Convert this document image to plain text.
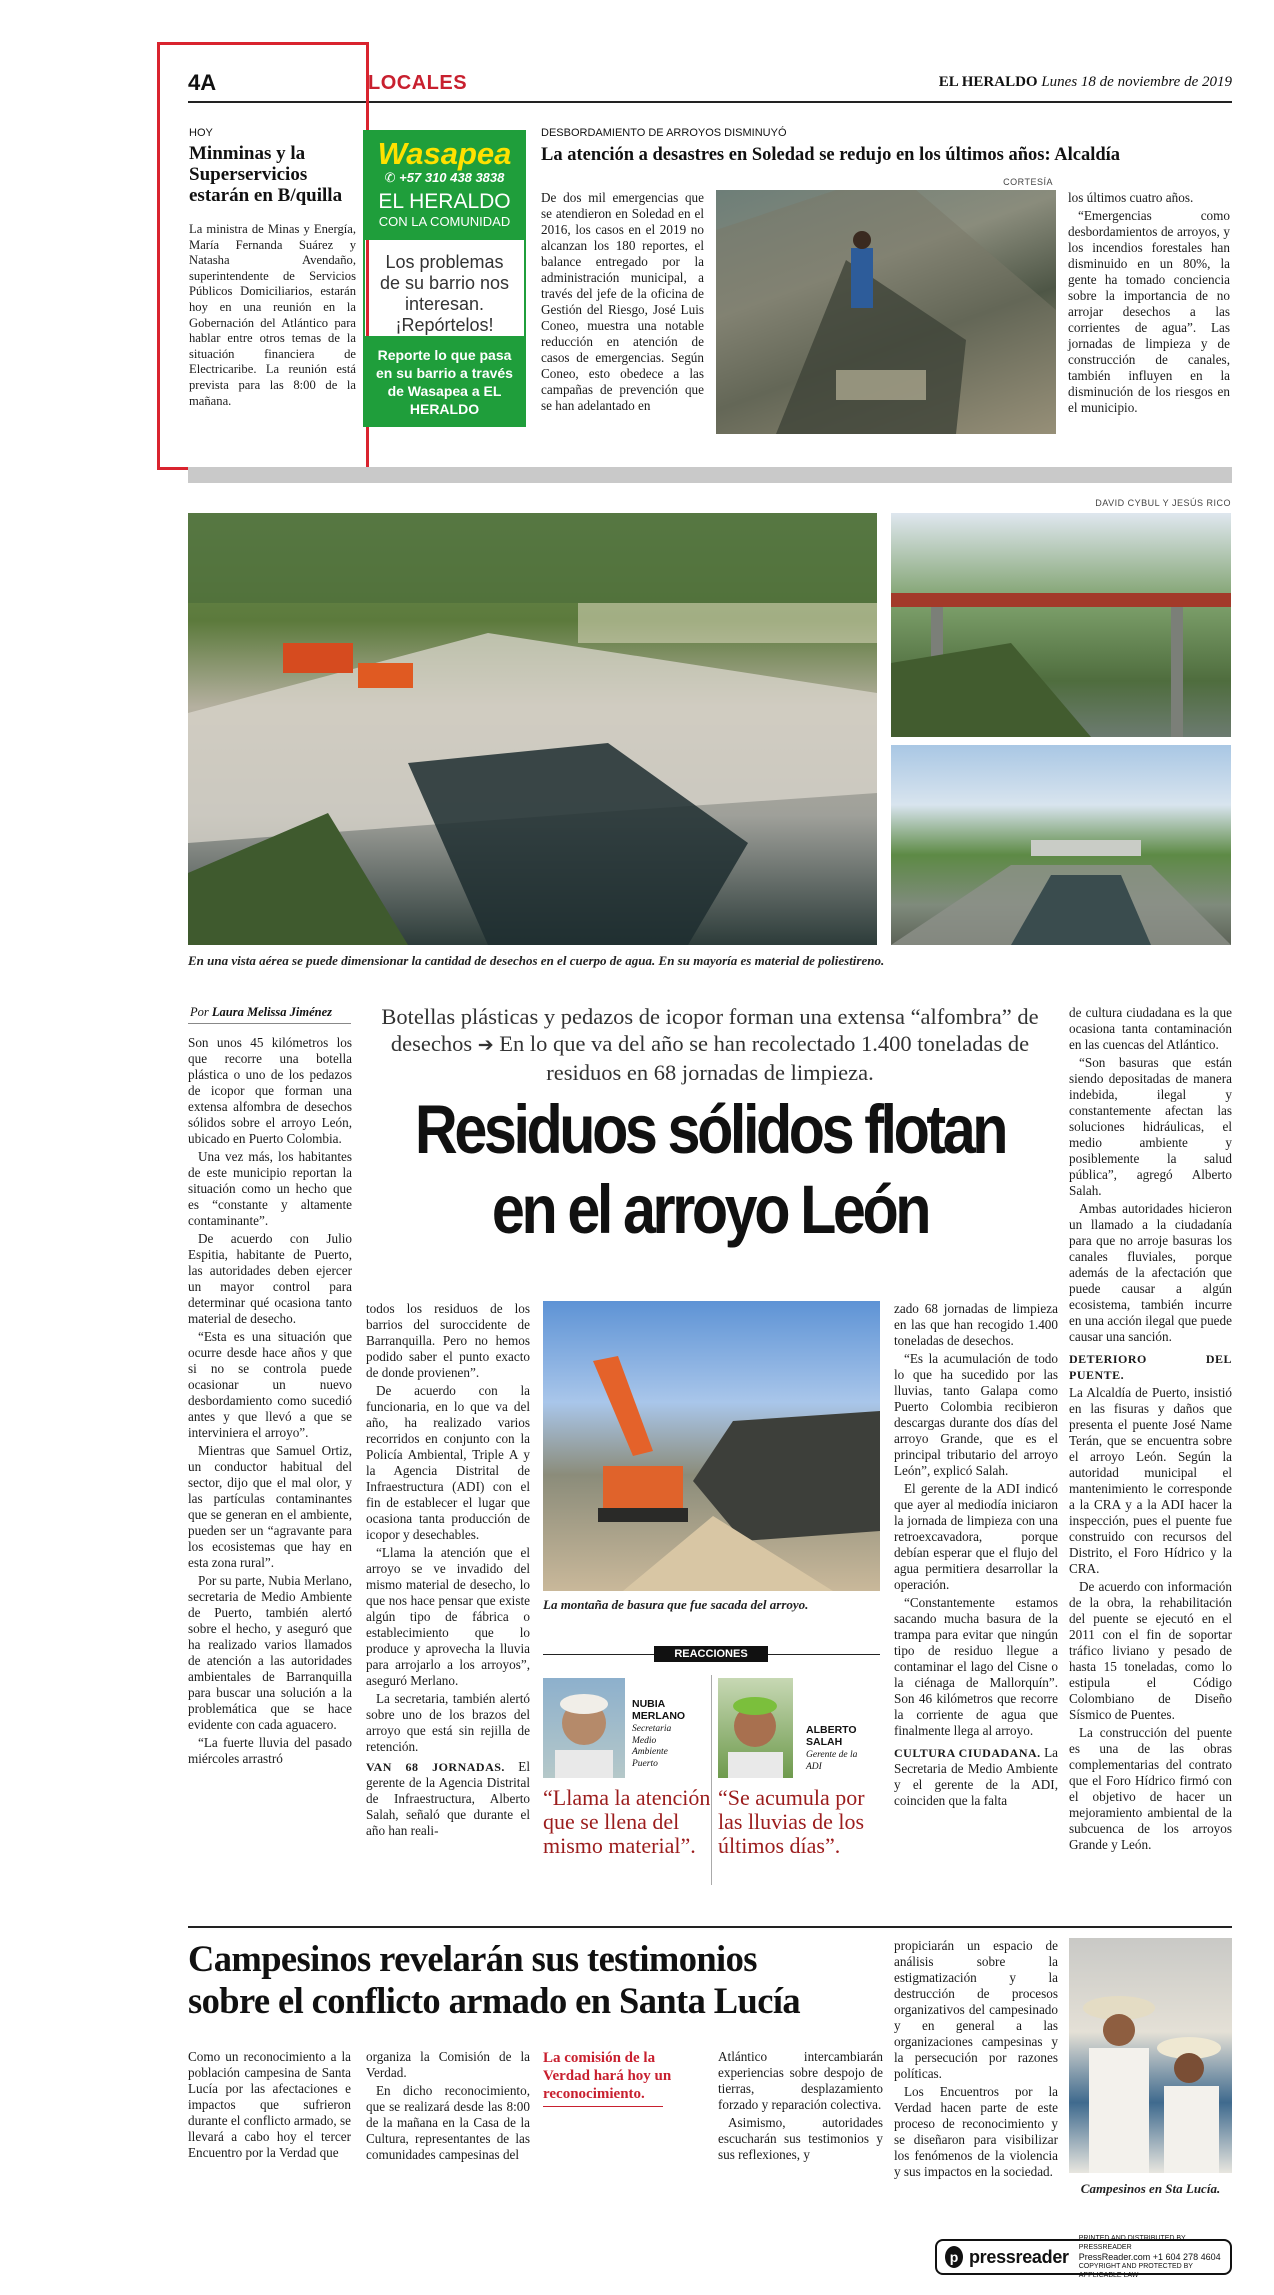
4A	LOCALES	EL HERALDO Lunes 18 de noviembre de 2019
HOY
Minminas y la Superservicios estarán en B/quilla
La ministra de Minas y Energía, María Fernanda Suárez y Natasha Avendaño, superintendente de Servicios Públicos Domiciliarios, estarán hoy en una reunión en la Gobernación del Atlántico para hablar entre otros temas de la situación financiera de Electricaribe. La reunión está prevista para las 8:00 de la mañana.
Wasapea
✆ +57 310 438 3838
EL HERALDO
CON LA COMUNIDAD
Los problemas de su barrio nos interesan. ¡Repórtelos!
Reporte lo que pasa en su barrio a través de Wasapea a EL HERALDO
DESBORDAMIENTO DE ARROYOS DISMINUYÓ
La atención a desastres en Soledad se redujo en los últimos años: Alcaldía
De dos mil emergencias que se atendieron en Soledad en el 2016, los casos en el 2019 no alcanzan los 180 reportes, el balance entregado por la administración municipal, a través del jefe de la oficina de Gestión del Riesgo, José Luis Coneo, muestra una notable reducción en atención de casos de emergencias. Según Coneo, esto obedece a las campañas de prevención que se han adelantado en
CORTESÍA

los últimos cuatro años.

“Emergencias como desbordamientos de arroyos, y los incendios forestales han disminuido en un 80%, la gente ha tomado conciencia sobre la importancia de no arrojar desechos a las corrientes de agua”. Las jornadas de limpieza y de construcción de canales, también influyen en la disminución de los riesgos en el municipio.

DAVID CYBUL Y JESÚS RICO
En una vista aérea se puede dimensionar la cantidad de desechos en el cuerpo de agua. En su mayoría es material de poliestireno.
Por Laura Melissa Jiménez Botellas plásticas y pedazos de icopor forman una extensa “alfombra” de desechos ➔ En lo que va del año se han recolectado 1.400 toneladas de residuos en 68 jornadas de limpieza.
Residuos sólidos flotan
en el arroyo León

Son unos 45 kilómetros los que recorre una botella plástica o uno de los pedazos de icopor que forman una extensa alfombra de desechos sólidos sobre el arroyo León, ubicado en Puerto Colombia.

Una vez más, los habitantes de este municipio reportan la situación como un hecho que es “constante y altamente contaminante”.

De acuerdo con Julio Espitia, habitante de Puerto, las autoridades deben ejercer un mayor control para determinar qué ocasiona tanto material de desecho.

“Esta es una situación que ocurre desde hace años y que si no se controla puede ocasionar un nuevo desbordamiento como sucedió antes y que llevó a que se interviniera el arroyo”.

Mientras que Samuel Ortiz, un conductor habitual del sector, dijo que el mal olor, y las partículas contaminantes que se generan en el ambiente, pueden ser un “agravante para los ecosistemas que hay en esta zona rural”.

Por su parte, Nubia Merlano, secretaria de Medio Ambiente de Puerto, también alertó sobre el hecho, y aseguró que ha realizado varios llamados de atención a las autoridades ambientales de Barranquilla para buscar una solución a la problemática que se hace evidente con cada aguacero.

“La fuerte lluvia del pasado miércoles arrastró

todos los residuos de los barrios del suroccidente de Barranquilla. Pero no hemos podido saber el punto exacto de donde provienen”.

De acuerdo con la funcionaria, en lo que va del año, ha realizado varios recorridos en conjunto con la Policía Ambiental, Triple A y la Agencia Distrital de Infraestructura (ADI) con el fin de establecer el lugar que ocasiona tanta producción de icopor y desechables.

“Llama la atención que el arroyo se ve invadido del mismo material de desecho, lo que nos hace pensar que existe algún tipo de fábrica o establecimiento que lo produce y aprovecha la lluvia para arrojarlo a los arroyos”, aseguró Merlano.

La secretaria, también alertó sobre uno de los brazos del arroyo que está sin rejilla de retención.

VAN 68 JORNADAS. El gerente de la Agencia Distrital de Infraestructura, Alberto Salah, señaló que durante el año han reali-

La montaña de basura que fue sacada del arroyo.
REACCIONES
NUBIA MERLANO
Secretaria Medio Ambiente Puerto
“Llama la atención que se llena del mismo material”.
ALBERTO SALAH
Gerente de la ADI
“Se acumula por las lluvias de los últimos días”.

zado 68 jornadas de limpieza en las que han recogido 1.400 toneladas de desechos.

“Es la acumulación de todo lo que ha sucedido por las lluvias, tanto Galapa como Puerto Colombia recibieron descargas durante dos días del arroyo Grande, que es el principal tributario del arroyo León”, explicó Salah.

El gerente de la ADI indicó que ayer al mediodía iniciaron la jornada de limpieza con una retroexcavadora, porque debían esperar que el flujo del agua permitiera desarrollar la operación.

“Constantemente estamos sacando mucha basura de la trampa para evitar que ningún tipo de residuo llegue a contaminar el lago del Cisne o la ciénaga de Mallorquín”. Son 46 kilómetros que recorre la corriente de agua que finalmente llega al arroyo.

CULTURA CIUDADANA. La Secretaria de Medio Ambiente y el gerente de la ADI, coinciden que la falta

de cultura ciudadana es la que ocasiona tanta contaminación en las cuencas del Atlántico.

“Son basuras que están siendo depositadas de manera indebida, ilegal y constantemente afectan las soluciones hidráulicas, el medio ambiente y posiblemente la salud pública”, agregó Alberto Salah.

Ambas autoridades hicieron un llamado a la ciudadanía para que no arroje basuras los canales fluviales, porque además de la afectación que puede causar a algún ecosistema, también incurre en una acción ilegal que puede causar una sanción.

DETERIORO DEL PUENTE.

La Alcaldía de Puerto, insistió en las fisuras y daños que presenta el puente José Name Terán, que se encuentra sobre el arroyo León. Según la autoridad municipal el mantenimiento le corresponde a la CRA y a la ADI hacer la inspección, pues el puente fue construido con recursos del Distrito, el Foro Hídrico y la CRA.

De acuerdo con información de la obra, la rehabilitación del puente se ejecutó en el 2011 con el fin de soportar tráfico liviano y pesado de hasta 15 toneladas, como lo estipula el Código Colombiano de Diseño Sísmico de Puentes.

La construcción del puente es una de las obras complementarias del contrato que el Foro Hídrico firmó con el objetivo de hacer un mejoramiento ambiental de la subcuenca de los arroyos Grande y León.

Campesinos revelarán sus testimonios
sobre el conflicto armado en Santa Lucía
Como un reconocimiento a la población campesina de Santa Lucía por las afectaciones e impactos que sufrieron durante el conflicto armado, se llevará a cabo hoy el tercer Encuentro por la Verdad que

organiza la Comisión de la Verdad.

En dicho reconocimiento, que se realizará desde las 8:00 de la mañana en la Casa de la Cultura, representantes de las comunidades campesinas del

La comisión de la Verdad hará hoy un reconocimiento.

Atlántico intercambiarán experiencias sobre despojo de tierras, desplazamiento forzado y reparación colectiva.

Asimismo, autoridades escucharán sus testimonios y sus reflexiones, y

propiciarán un espacio de análisis sobre la estigmatización y la destrucción de procesos organizativos del campesinado y en general a las organizaciones campesinas y la persecución por razones políticas.

Los Encuentros por la Verdad hacen parte de este proceso de reconocimiento y se diseñaron para visibilizar los fenómenos de la violencia y sus impactos en la sociedad.

Campesinos en Sta Lucía.
p pressreader
PRINTED AND DISTRIBUTED BY PRESSREADER
PressReader.com +1 604 278 4604
COPYRIGHT AND PROTECTED BY APPLICABLE LAW
